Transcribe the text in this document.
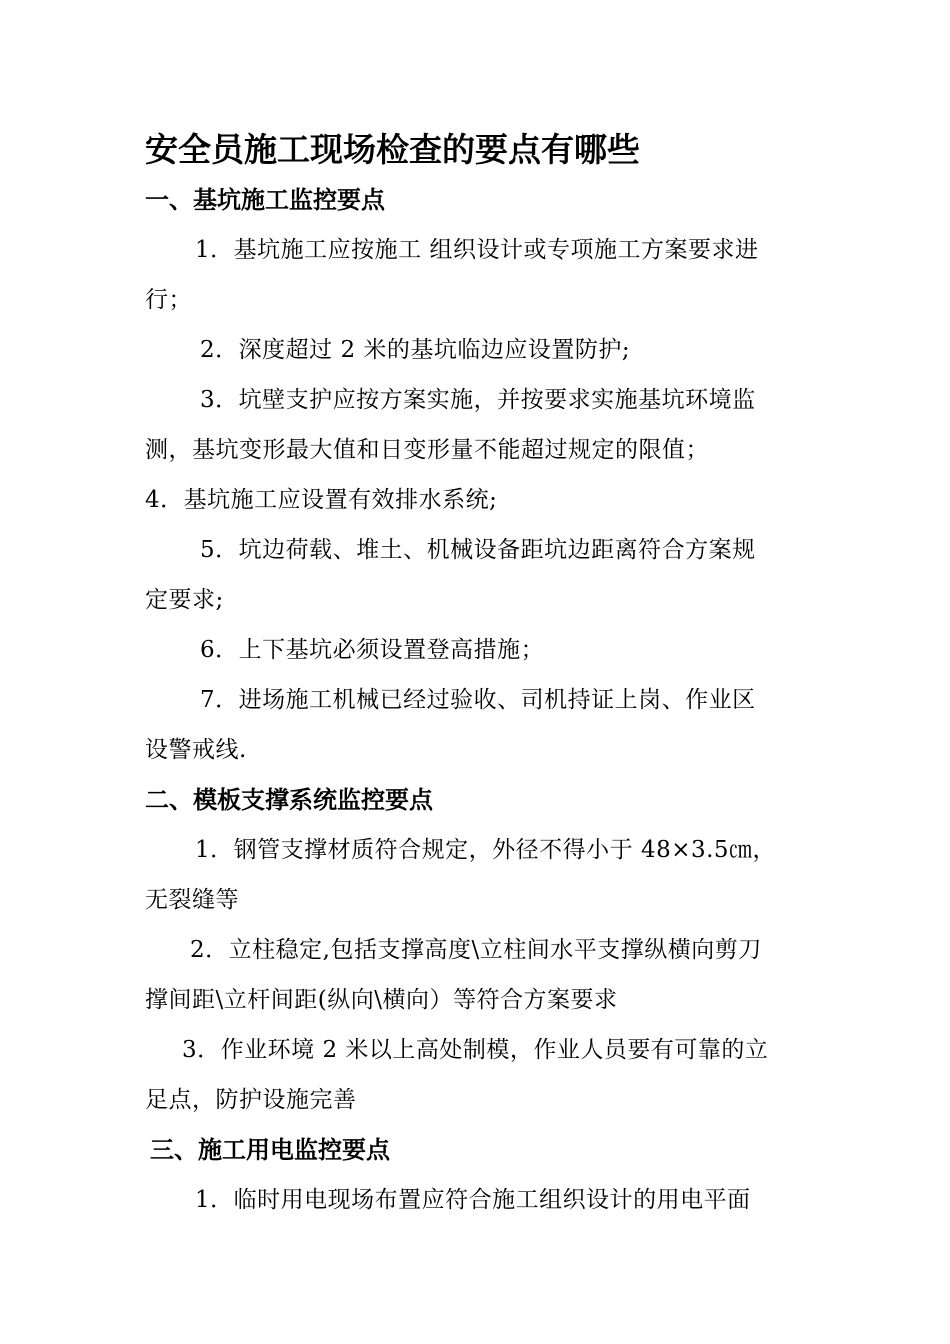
安全员施工现场检查的要点有哪些
一、基坑施工监控要点
1．基坑施工应按施工 组织设计或专项施工方案要求进
行；
2．深度超过 2 米的基坑临边应设置防护;
3．坑壁支护应按方案实施，并按要求实施基坑环境监
测，基坑变形最大值和日变形量不能超过规定的限值；
4．基坑施工应设置有效排水系统;
5．坑边荷载、堆土、机械设备距坑边距离符合方案规
定要求;
6．上下基坑必须设置登高措施；
7．进场施工机械已经过验收、司机持证上岗、作业区
设警戒线.
二、模板支撑系统监控要点
1．钢管支撑材质符合规定，外径不得小于 48×3.5㎝，
无裂缝等
2．立柱稳定,包括支撑高度\立柱间水平支撑纵横向剪刀
撑间距\立杆间距(纵向\横向）等符合方案要求
3．作业环境 2 米以上高处制模，作业人员要有可靠的立
足点，防护设施完善
三、施工用电监控要点
1．临时用电现场布置应符合施工组织设计的用电平面
